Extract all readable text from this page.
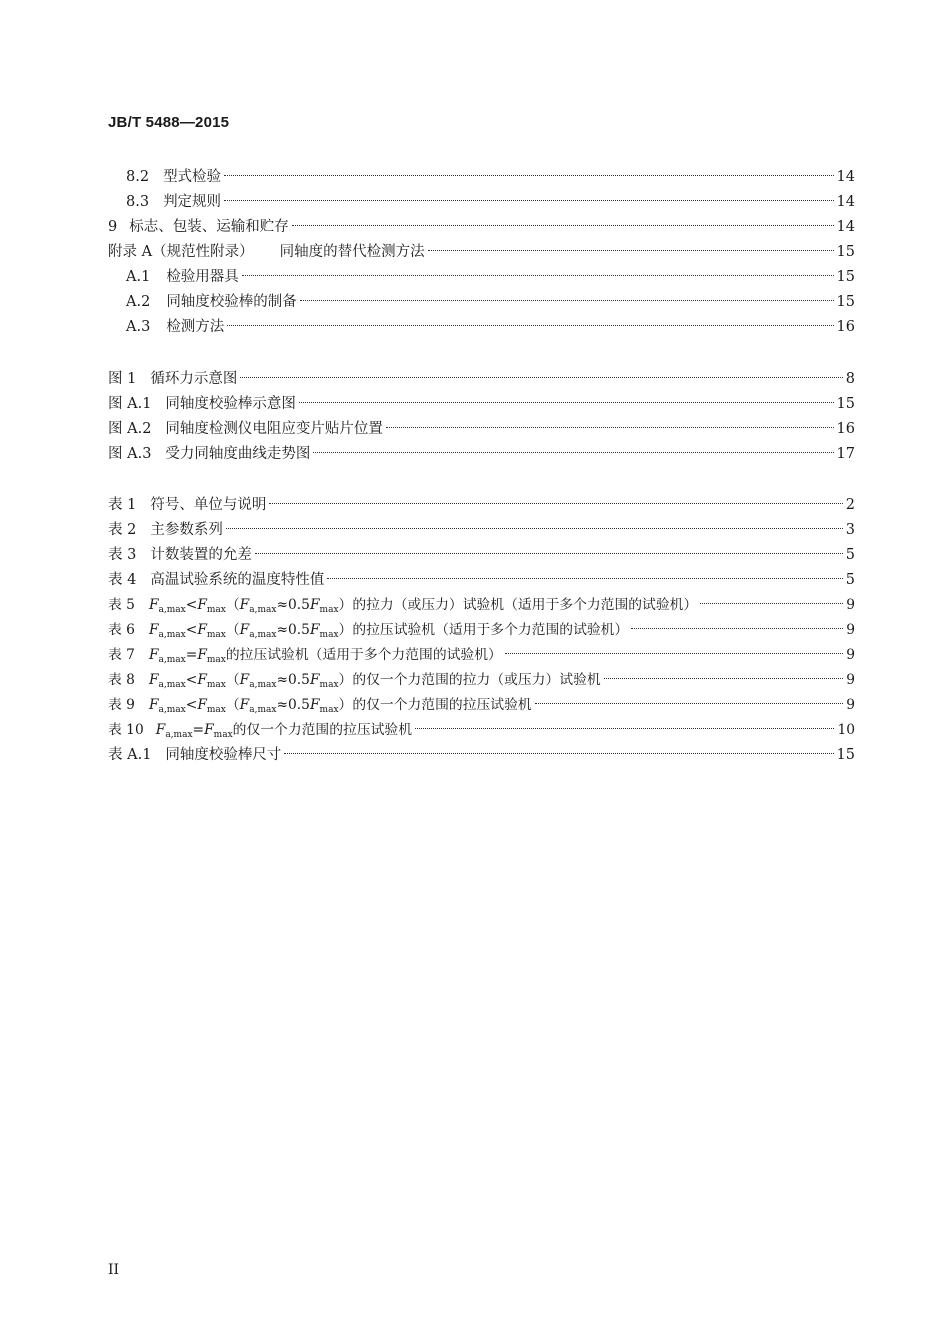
JB/T 5488—2015
8.2 型式检验	14
8.3 判定规则	14
9 标志、包装、运输和贮存	14
附录 A（规范性附录） 同轴度的替代检测方法	15
A.1 检验用器具	15
A.2 同轴度校验棒的制备	15
A.3 检测方法	16
图 1 循环力示意图	8
图 A.1 同轴度校验棒示意图	15
图 A.2 同轴度检测仪电阻应变片贴片位置	16
图 A.3 受力同轴度曲线走势图	17
表 1 符号、单位与说明	2
表 2 主参数系列	3
表 3 计数装置的允差	5
表 4 高温试验系统的温度特性值	5
表 5 $F_{a,max}<F_{max}(F_{a,max}\approx 0.5F_{max})$的拉力（或压力）试验机（适用于多个力范围的试验机）	9
表 6 $F_{a,max}<F_{max}(F_{a,max}\approx 0.5F_{max})$的拉压试验机（适用于多个力范围的试验机）	9
表 7 $F_{a,max}=F_{max}$的拉压试验机（适用于多个力范围的试验机）	9
表 8 $F_{a,max}<F_{max}(F_{a,max}\approx 0.5F_{max})$的仅一个力范围的拉力（或压力）试验机	9
表 9 $F_{a,max}<F_{max}(F_{a,max}\approx 0.5F_{max})$的仅一个力范围的拉压试验机	9
表 10 $F_{a,max}=F_{max}$的仅一个力范围的拉压试验机	10
表 A.1 同轴度校验棒尺寸	15
II
